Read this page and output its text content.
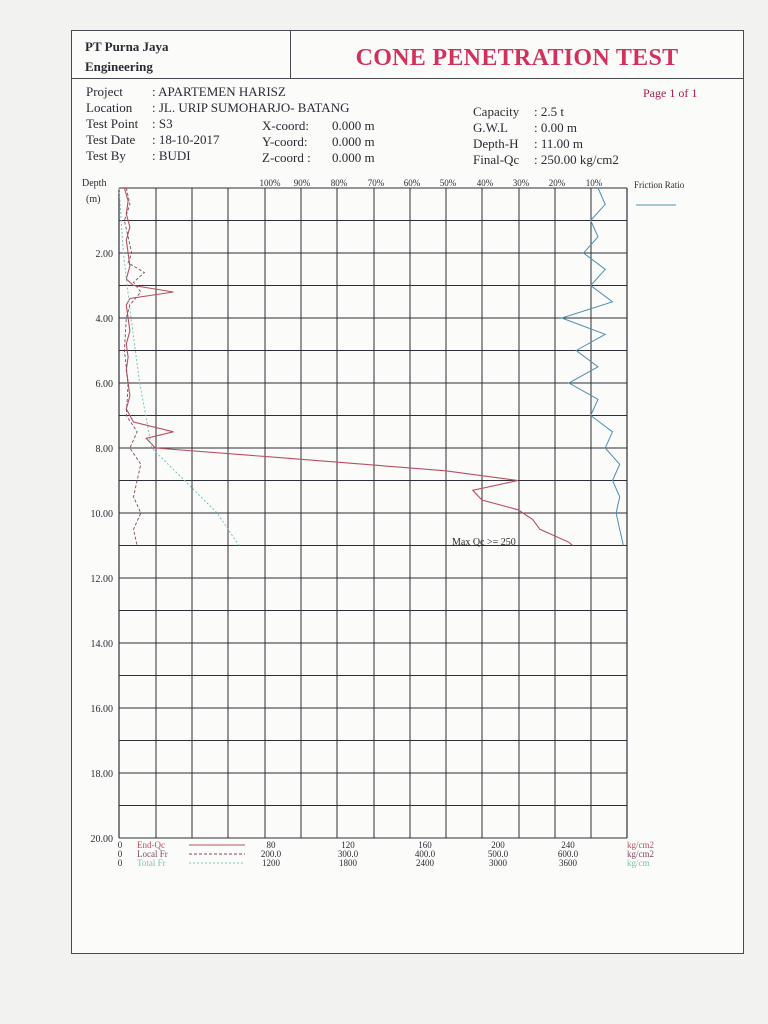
PT Purna Jaya
Engineering	CONE PENETRATION TEST
Page 1 of 1
Project : APARTEMEN HARISZ
Location : JL. URIP SUMOHARJO- BATANG
Test Point : S3
Test Date : 18-10-2017
Test By : BUDI
X-coord: 0.000 m
Y-coord: 0.000 m
Z-coord : 0.000 m
Capacity : 2.5 t
G.W.L : 0.00 m
Depth-H : 11.00 m
Final-Qc : 250.00 kg/cm2
Depth
(m)
2.00
4.00
6.00
8.00
10.00
12.00
14.00
16.00
18.00
20.00
100% 90% 80% 70% 60% 50% 40% 30% 20% 10%	Friction Ratio
0 End-Qc	80	120	160	200	240	kg/cm2
0 Local Fr	200.0	300.0	400.0	500.0	600.0	kg/cm2
0 Total Fr	1200	1800	2400	3000	3600	kg/cm
Max Qc >= 250
